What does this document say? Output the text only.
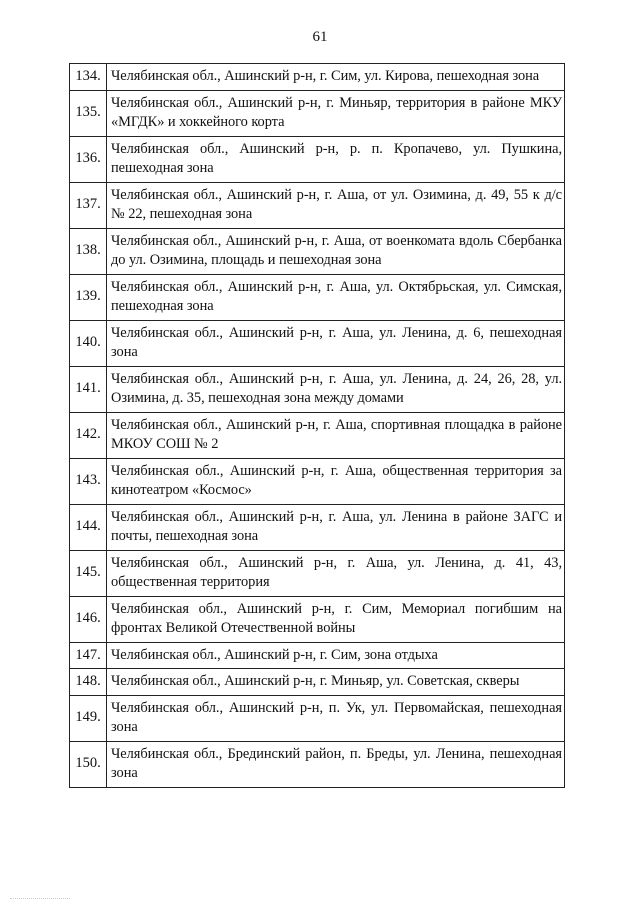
61
134.	Челябинская обл., Ашинский р-н, г. Сим, ул. Кирова, пешеходная зона
135.	Челябинская обл., Ашинский р-н, г. Миньяр, территория в районе МКУ «МГДК» и хоккейного корта
136.	Челябинская обл., Ашинский р-н, р. п. Кропачево, ул. Пушкина, пешеходная зона
137.	Челябинская обл., Ашинский р-н, г. Аша, от ул. Озимина, д. 49, 55 к д/с № 22, пешеходная зона
138.	Челябинская обл., Ашинский р-н, г. Аша, от военкомата вдоль Сбербанка до ул. Озимина, площадь и пешеходная зона
139.	Челябинская обл., Ашинский р-н, г. Аша, ул. Октябрьская, ул. Симская, пешеходная зона
140.	Челябинская обл., Ашинский р-н, г. Аша, ул. Ленина, д. 6, пешеходная зона
141.	Челябинская обл., Ашинский р-н, г. Аша, ул. Ленина, д. 24, 26, 28, ул. Озимина, д. 35, пешеходная зона между домами
142.	Челябинская обл., Ашинский р-н, г. Аша, спортивная площадка в районе МКОУ СОШ № 2
143.	Челябинская обл., Ашинский р-н, г. Аша, общественная территория за кинотеатром «Космос»
144.	Челябинская обл., Ашинский р-н, г. Аша, ул. Ленина в районе ЗАГС и почты, пешеходная зона
145.	Челябинская обл., Ашинский р-н, г. Аша, ул. Ленина, д. 41, 43, общественная территория
146.	Челябинская обл., Ашинский р-н, г. Сим, Мемориал погибшим на фронтах Великой Отечественной войны
147.	Челябинская обл., Ашинский р-н, г. Сим, зона отдыха
148.	Челябинская обл., Ашинский р-н, г. Миньяр, ул. Советская, скверы
149.	Челябинская обл., Ашинский р-н, п. Ук, ул. Первомайская, пешеходная зона
150.	Челябинская обл., Брединский район, п. Бреды, ул. Ленина, пешеходная зона
